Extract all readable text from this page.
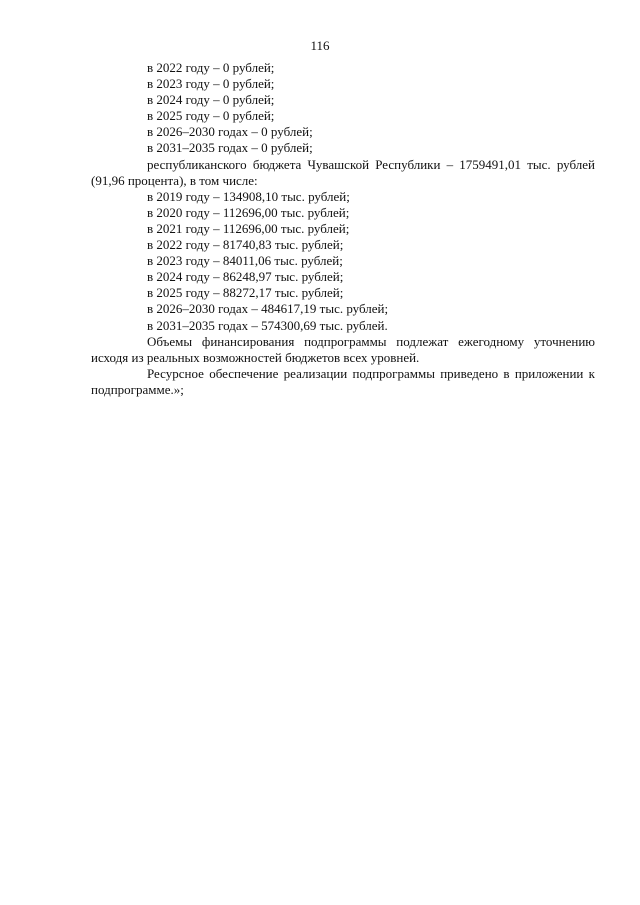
116

в 2022 году – 0 рублей;

в 2023 году – 0 рублей;

в 2024 году – 0 рублей;

в 2025 году – 0 рублей;

в 2026–2030 годах – 0 рублей;

в 2031–2035 годах – 0 рублей;

республиканского бюджета Чувашской Республики – 1759491,01 тыс. рублей (91,96 процента), в том числе:

в 2019 году – 134908,10 тыс. рублей;

в 2020 году – 112696,00 тыс. рублей;

в 2021 году – 112696,00 тыс. рублей;

в 2022 году – 81740,83 тыс. рублей;

в 2023 году – 84011,06 тыс. рублей;

в 2024 году – 86248,97 тыс. рублей;

в 2025 году – 88272,17 тыс. рублей;

в 2026–2030 годах – 484617,19 тыс. рублей;

в 2031–2035 годах – 574300,69 тыс. рублей.

Объемы финансирования подпрограммы подлежат ежегодному уточнению исходя из реальных возможностей бюджетов всех уровней.

Ресурсное обеспечение реализации подпрограммы приведено в приложении к подпрограмме.»;
